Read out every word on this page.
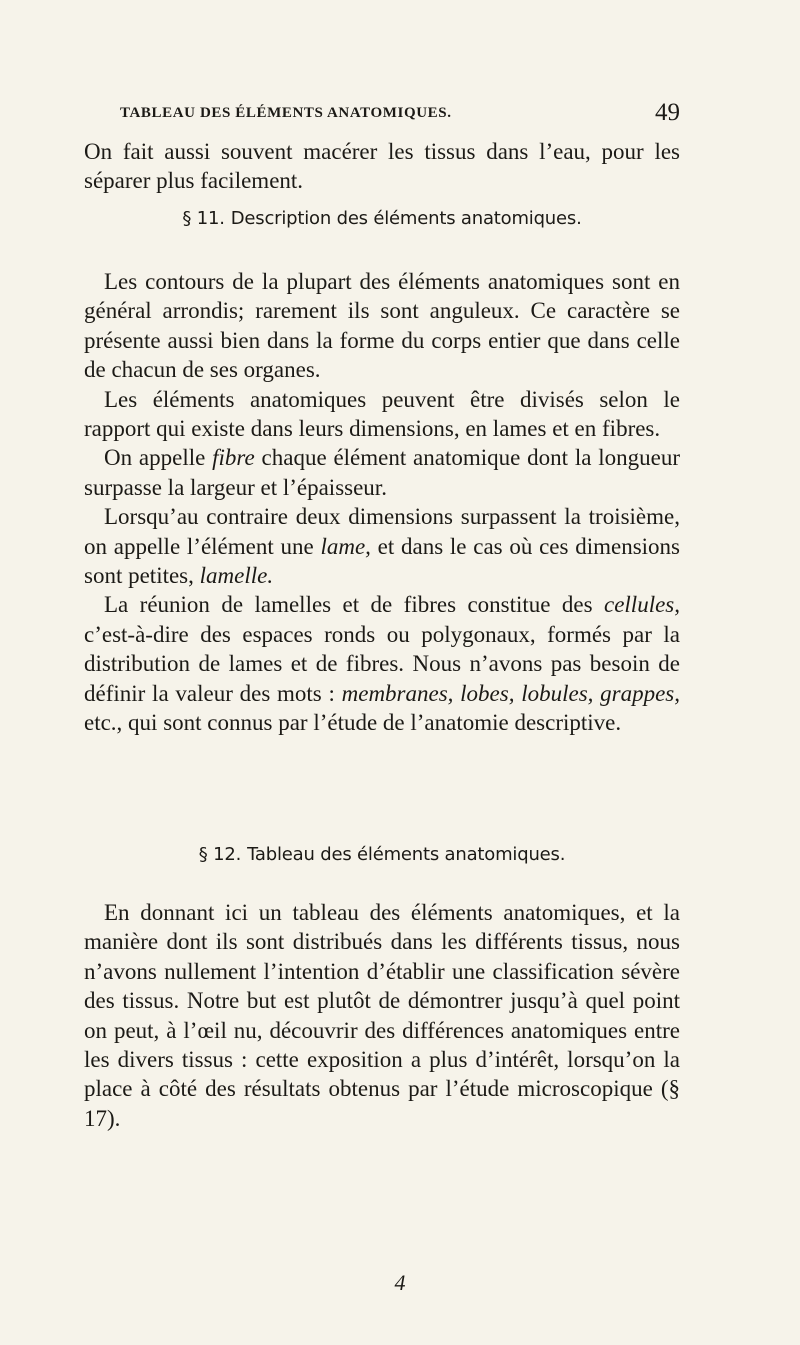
TABLEAU DES ÉLÉMENTS ANATOMIQUES.	49

On fait aussi souvent macérer les tissus dans l’eau, pour les séparer plus facilement.

§ 11. Description des éléments anatomiques.

Les contours de la plupart des éléments anatomiques sont en général arrondis; rarement ils sont anguleux. Ce caractère se présente aussi bien dans la forme du corps entier que dans celle de chacun de ses organes.

Les éléments anatomiques peuvent être divisés selon le rapport qui existe dans leurs dimensions, en lames et en fibres.

On appelle fibre chaque élément anatomique dont la longueur surpasse la largeur et l’épaisseur.

Lorsqu’au contraire deux dimensions surpassent la troisième, on appelle l’élément une lame, et dans le cas où ces dimensions sont petites, lamelle.

La réunion de lamelles et de fibres constitue des cellules, c’est-à-dire des espaces ronds ou polygonaux, formés par la distribution de lames et de fibres. Nous n’avons pas besoin de définir la valeur des mots : membranes, lobes, lobules, grappes, etc., qui sont connus par l’étude de l’anatomie descriptive.

§ 12. Tableau des éléments anatomiques.

En donnant ici un tableau des éléments anatomiques, et la manière dont ils sont distribués dans les différents tissus, nous n’avons nullement l’intention d’établir une classification sévère des tissus. Notre but est plutôt de démontrer jusqu’à quel point on peut, à l’œil nu, découvrir des différences anatomiques entre les divers tissus : cette exposition a plus d’intérêt, lorsqu’on la place à côté des résultats obtenus par l’étude microscopique (§ 17).

4
